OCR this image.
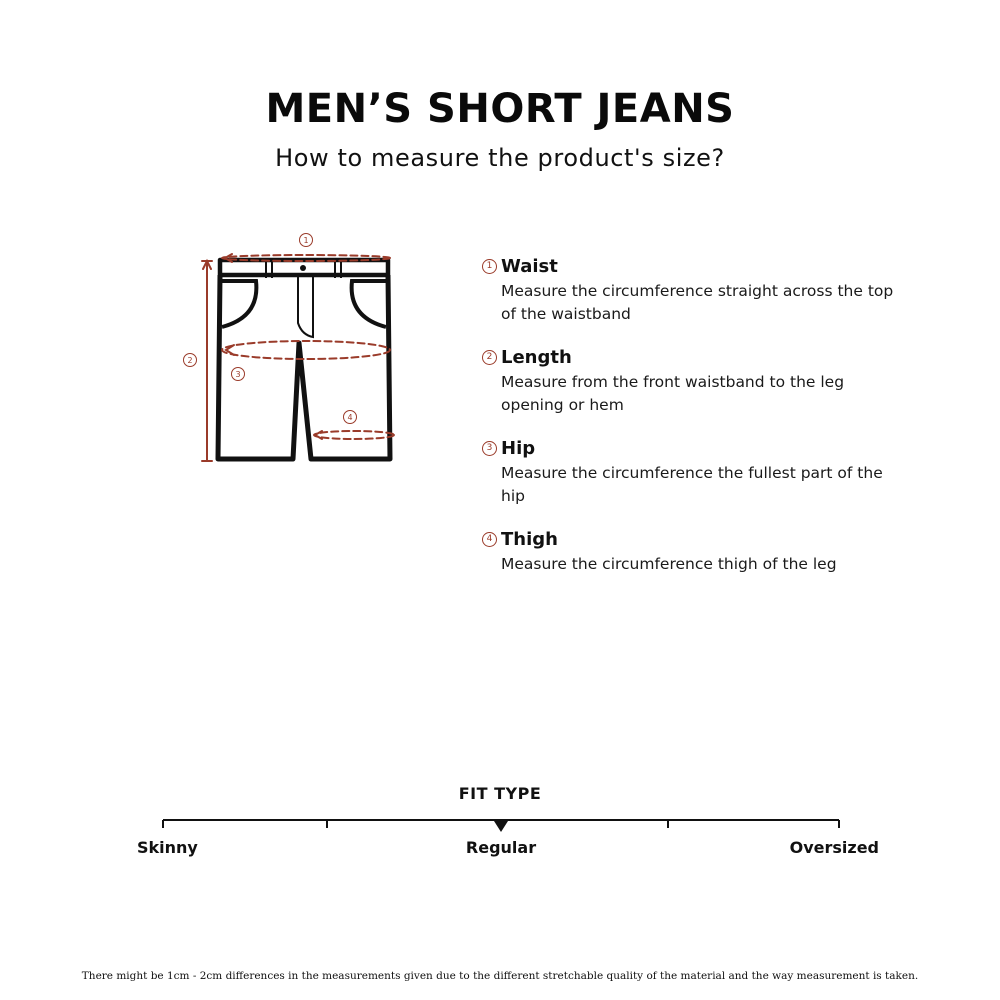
MEN’S SHORT JEANS
How to measure the product's size?
1
2
3
4
1 Waist
Measure the circumference straight across the top of the waistband
2 Length
Measure from the front waistband to the leg opening or hem
3 Hip
Measure the circumference the fullest part of the hip
4 Thigh
Measure the circumference thigh of the leg
FIT TYPE
Skinny	Regular	Oversized
There might be 1cm - 2cm differences in the measurements given due to the different stretchable quality of the material and the way measurement is taken.
